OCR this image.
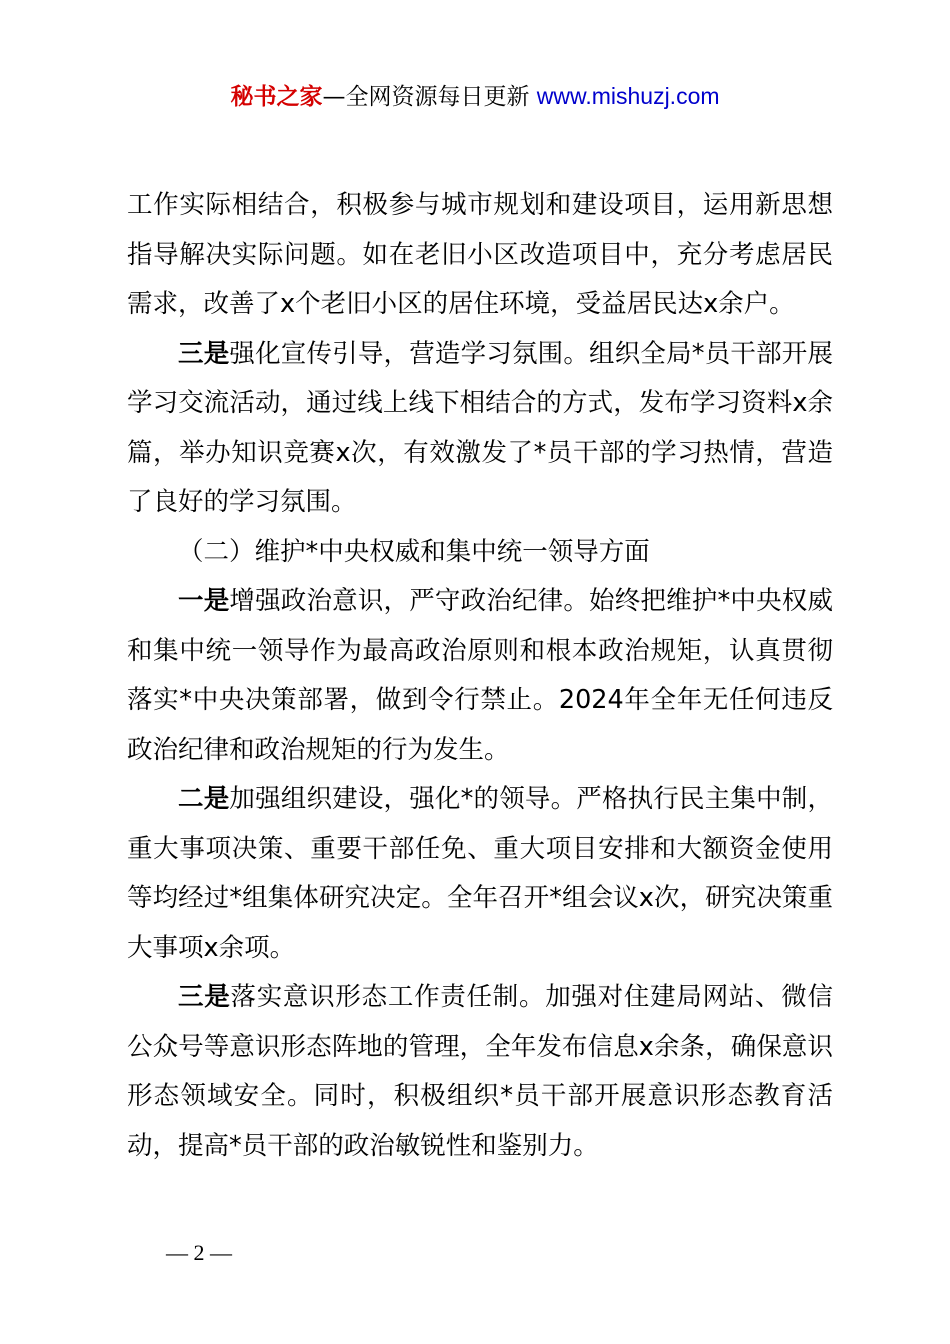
秘书之家—全网资源每日更新 www.mishuzj.com

工作实际相结合，积极参与城市规划和建设项目，运用新思想指导解决实际问题。如在老旧小区改造项目中，充分考虑居民需求，改善了x个老旧小区的居住环境，受益居民达x余户。

三是强化宣传引导，营造学习氛围。组织全局*员干部开展学习交流活动，通过线上线下相结合的方式，发布学习资料x余篇，举办知识竞赛x次，有效激发了*员干部的学习热情，营造了良好的学习氛围。

（二）维护*中央权威和集中统一领导方面

一是增强政治意识，严守政治纪律。始终把维护*中央权威和集中统一领导作为最高政治原则和根本政治规矩，认真贯彻落实*中央决策部署，做到令行禁止。2024年全年无任何违反政治纪律和政治规矩的行为发生。

二是加强组织建设，强化*的领导。严格执行民主集中制，重大事项决策、重要干部任免、重大项目安排和大额资金使用等均经过*组集体研究决定。全年召开*组会议x次，研究决策重大事项x余项。

三是落实意识形态工作责任制。加强对住建局网站、微信公众号等意识形态阵地的管理，全年发布信息x余条，确保意识形态领域安全。同时，积极组织*员干部开展意识形态教育活动，提高*员干部的政治敏锐性和鉴别力。

— 2 —
